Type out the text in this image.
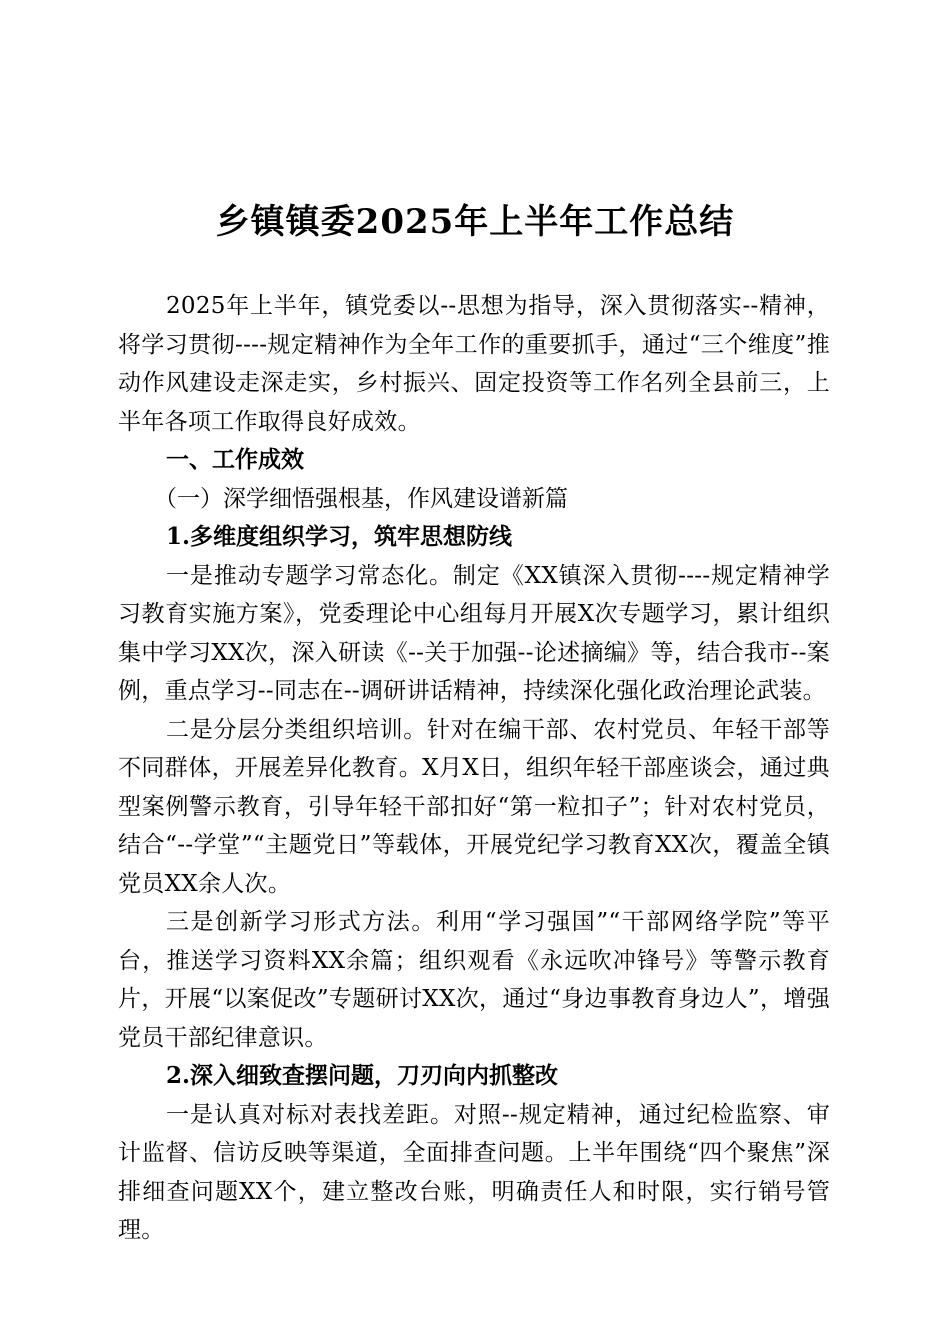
乡镇镇委2025年上半年工作总结

2025年上半年，镇党委以--思想为指导，深入贯彻落实--精神，将学习贯彻----规定精神作为全年工作的重要抓手，通过“三个维度”推动作风建设走深走实，乡村振兴、固定投资等工作名列全县前三，上半年各项工作取得良好成效。

一、工作成效

（一）深学细悟强根基，作风建设谱新篇

1.多维度组织学习，筑牢思想防线

一是推动专题学习常态化。制定《XX镇深入贯彻----规定精神学习教育实施方案》，党委理论中心组每月开展X次专题学习，累计组织集中学习XX次，深入研读《--关于加强--论述摘编》等，结合我市--案例，重点学习--同志在--调研讲话精神，持续深化强化政治理论武装。

二是分层分类组织培训。针对在编干部、农村党员、年轻干部等不同群体，开展差异化教育。X月X日，组织年轻干部座谈会，通过典型案例警示教育，引导年轻干部扣好“第一粒扣子”；针对农村党员，结合“--学堂”“主题党日”等载体，开展党纪学习教育XX次，覆盖全镇党员XX余人次。

三是创新学习形式方法。利用“学习强国”“干部网络学院”等平台，推送学习资料XX余篇；组织观看《永远吹冲锋号》等警示教育片，开展“以案促改”专题研讨XX次，通过“身边事教育身边人”，增强党员干部纪律意识。

2.深入细致查摆问题，刀刃向内抓整改

一是认真对标对表找差距。对照--规定精神，通过纪检监察、审计监督、信访反映等渠道，全面排查问题。上半年围绕“四个聚焦”深排细查问题XX个，建立整改台账，明确责任人和时限，实行销号管理。
